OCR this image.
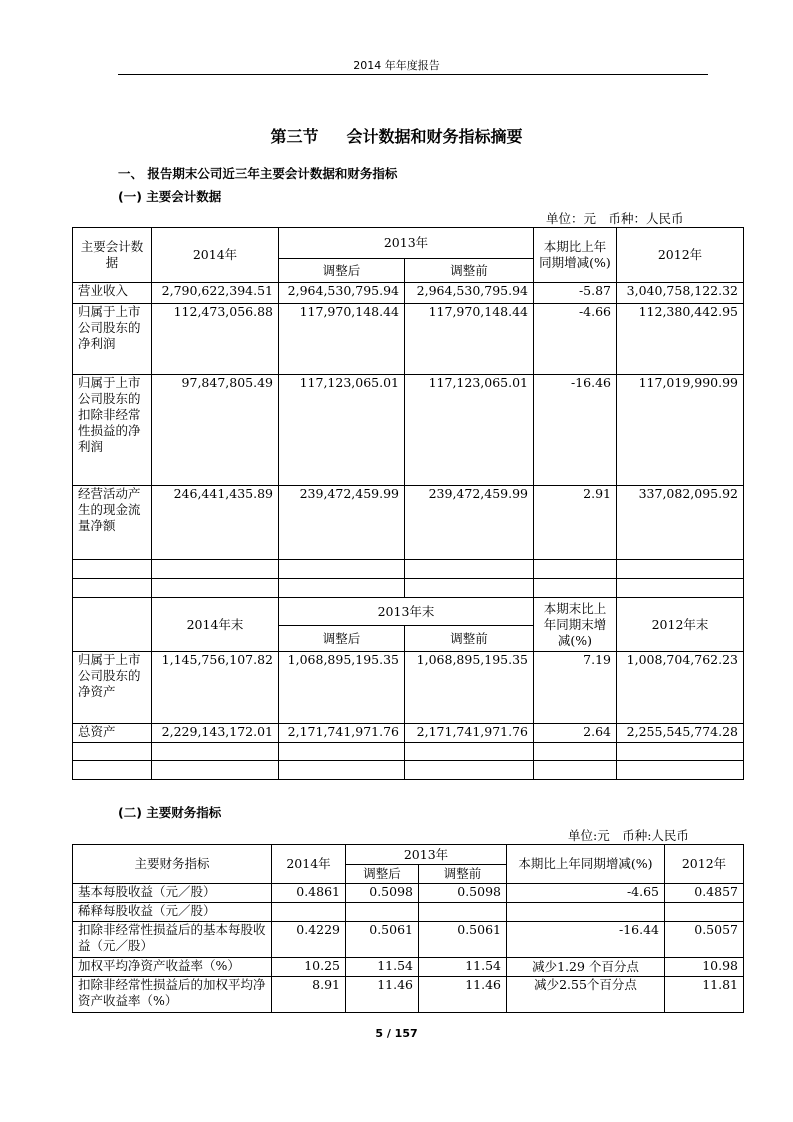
2014 年年度报告
第三节 会计数据和财务指标摘要
一、 报告期末公司近三年主要会计数据和财务指标
(一) 主要会计数据
单位：元　币种：人民币
主要会计数据	2014年	2013年		本期比上年同期增减(%)	2012年
		调整后	调整前		
营业收入	2,790,622,394.51	2,964,530,795.94	2,964,530,795.94	-5.87	3,040,758,122.32
归属于上市公司股东的净利润	112,473,056.88	117,970,148.44	117,970,148.44	-4.66	112,380,442.95
归属于上市公司股东的扣除非经常性损益的净利润	97,847,805.49	117,123,065.01	117,123,065.01	-16.46	117,019,990.99
经营活动产生的现金流量净额	246,441,435.89	239,472,459.99	239,472,459.99	2.91	337,082,095.92

	2014年末	2013年末		本期末比上年同期末增减(%)	2012年末
		调整后	调整前		
归属于上市公司股东的净资产	1,145,756,107.82	1,068,895,195.35	1,068,895,195.35	7.19	1,008,704,762.23
总资产	2,229,143,172.01	2,171,741,971.76	2,171,741,971.76	2.64	2,255,545,774.28

(二) 主要财务指标
单位:元　币种:人民币
主要财务指标	2014年	2013年		本期比上年同期增减(%)	2012年
		调整后	调整前		
基本每股收益（元／股）	0.4861	0.5098	0.5098	-4.65	0.4857
稀释每股收益（元／股）					
扣除非经常性损益后的基本每股收益（元／股）	0.4229	0.5061	0.5061	-16.44	0.5057
加权平均净资产收益率（%）	10.25	11.54	11.54	减少1.29 个百分点	10.98
扣除非经常性损益后的加权平均净资产收益率（%）	8.91	11.46	11.46	减少2.55个百分点	11.81
5 / 157
